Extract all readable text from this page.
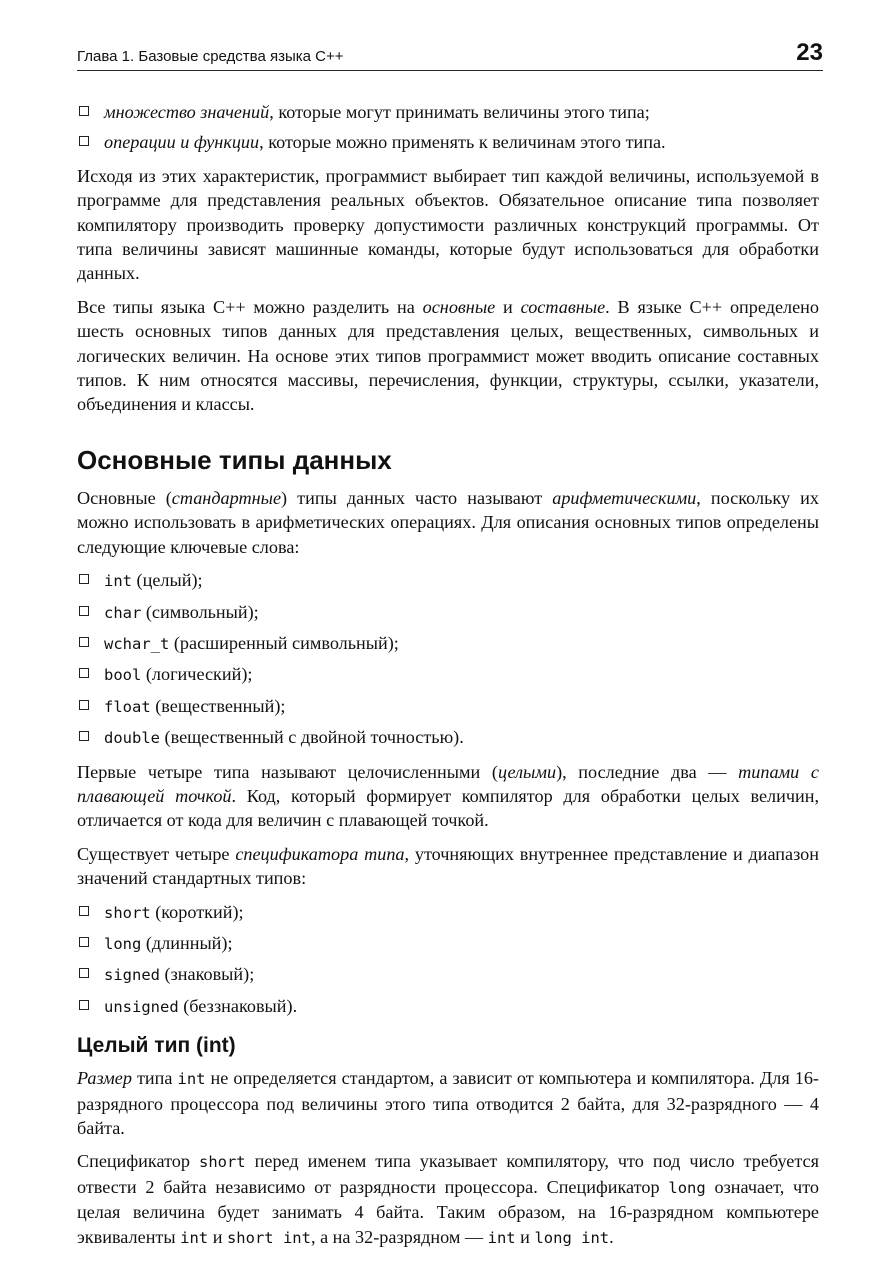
Глава 1. Базовые средства языка С++	23
множество значений, которые могут принимать величины этого типа;
операции и функции, которые можно применять к величинам этого типа.

Исходя из этих характеристик, программист выбирает тип каждой величины, используемой в программе для представления реальных объектов. Обязательное описание типа позволяет компилятору производить проверку допустимости различных конструкций программы. От типа величины зависят машинные команды, которые будут использоваться для обработки данных.

Все типы языка С++ можно разделить на основные и составные. В языке С++ определено шесть основных типов данных для представления целых, вещественных, символьных и логических величин. На основе этих типов программист может вводить описание составных типов. К ним относятся массивы, перечисления, функции, структуры, ссылки, указатели, объединения и классы.

Основные типы данных

Основные (стандартные) типы данных часто называют арифметическими, поскольку их можно использовать в арифметических операциях. Для описания основных типов определены следующие ключевые слова:

int (целый);
char (символьный);
wchar_t (расширенный символьный);
bool (логический);
float (вещественный);
double (вещественный с двойной точностью).

Первые четыре типа называют целочисленными (целыми), последние два — типами с плавающей точкой. Код, который формирует компилятор для обработки целых величин, отличается от кода для величин с плавающей точкой.

Существует четыре спецификатора типа, уточняющих внутреннее представление и диапазон значений стандартных типов:

short (короткий);
long (длинный);
signed (знаковый);
unsigned (беззнаковый).
Целый тип (int)

Размер типа int не определяется стандартом, а зависит от компьютера и компилятора. Для 16-разрядного процессора под величины этого типа отводится 2 байта, для 32-разрядного — 4 байта.

Спецификатор short перед именем типа указывает компилятору, что под число требуется отвести 2 байта независимо от разрядности процессора. Спецификатор long означает, что целая величина будет занимать 4 байта. Таким образом, на 16-разрядном компьютере эквиваленты int и short int, а на 32-разрядном — int и long int.
